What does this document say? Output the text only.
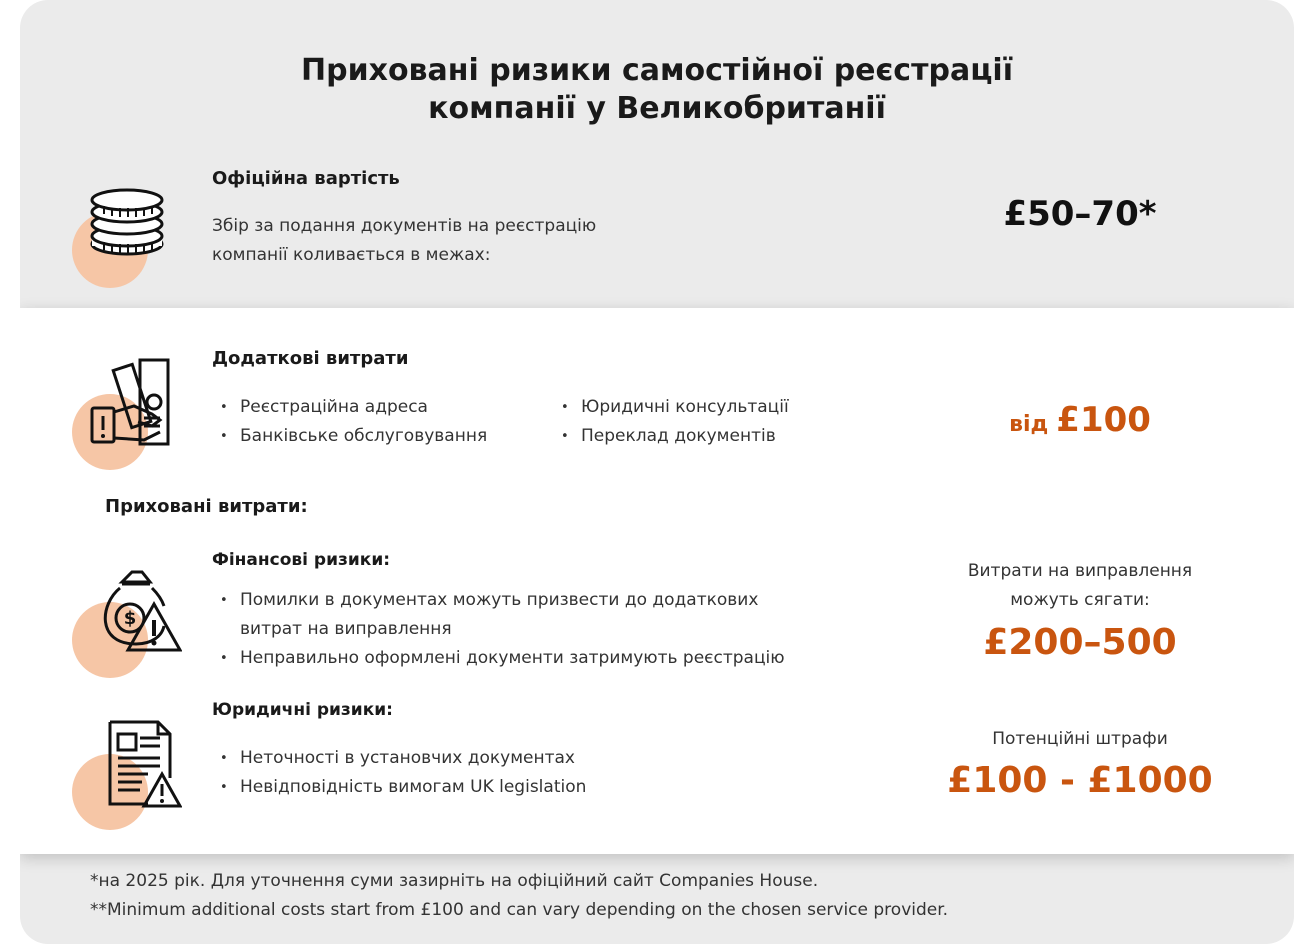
Приховані ризики самостійної реєстрації
компанії у Великобританії
Офіційна вартість
Збір за подання документів на реєстрацію
компанії коливається в межах:
£50–70*
Додаткові витрати
• Реєстраційна адреса
• Банківське обслуговування
• Юридичні консультації
• Переклад документів	від £100
Приховані витрати:
$
Фінансові ризики:
• Помилки в документах можуть призвести до додаткових
витрат на виправлення
• Неправильно оформлені документи затримують реєстрацію
Витрати на виправлення
можуть сягати:
£200–500
Юридичні ризики:
• Неточності в установчих документах
• Невідповідність вимогам UK legislation
Потенційні штрафи
£100 - £1000
*на 2025 рік. Для уточнення суми зазирніть на офіційний сайт Companies House.
**Minimum additional costs start from £100 and can vary depending on the chosen service provider.
